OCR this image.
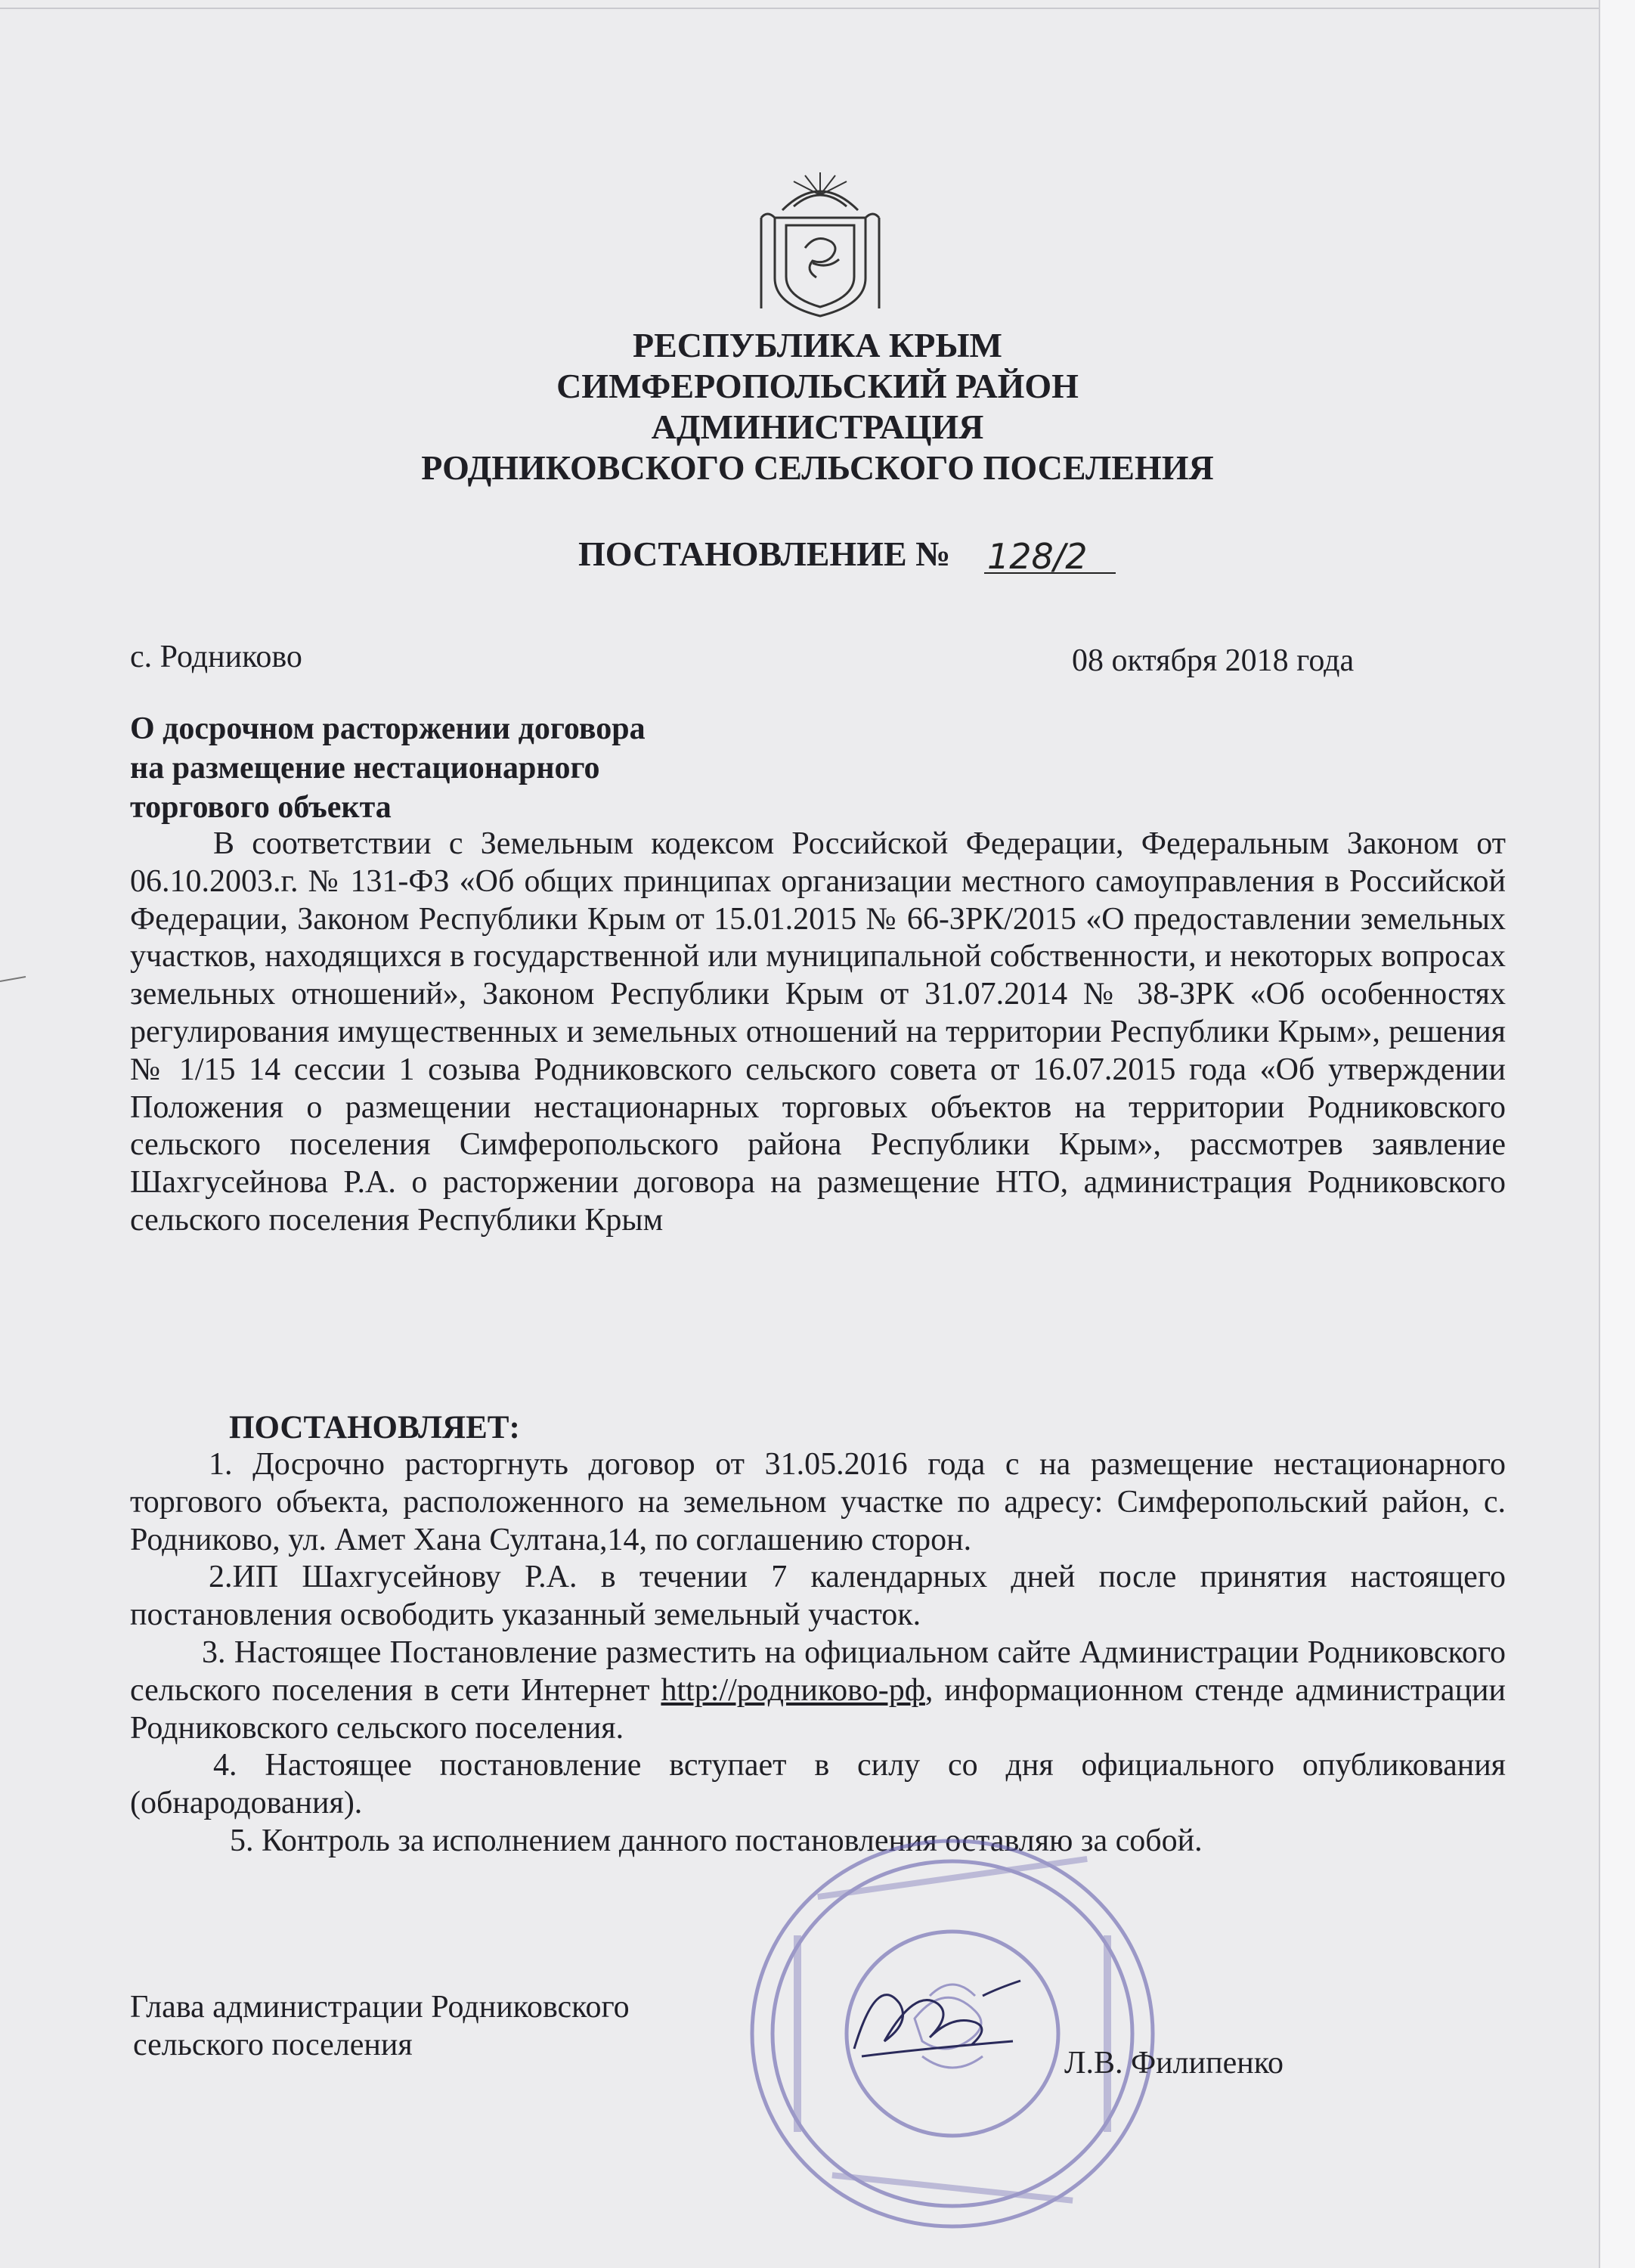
РЕСПУБЛИКА КРЫМ
СИМФЕРОПОЛЬСКИЙ РАЙОН
АДМИНИСТРАЦИЯ
РОДНИКОВСКОГО СЕЛЬСКОГО ПОСЕЛЕНИЯ
ПОСТАНОВЛЕНИЕ № 128/2
с. Родниково	08 октября 2018 года
О досрочном расторжении договора
на размещение нестационарного
торгового объекта

В соответствии с Земельным кодексом Российской Федерации, Федеральным Законом от 06.10.2003.г. № 131-ФЗ «Об общих принципах организации местного самоуправления в Российской Федерации, Законом Республики Крым от 15.01.2015 № 66-ЗРК/2015 «О предоставлении земельных участков, находящихся в государственной или муниципальной собственности, и некоторых вопросах земельных отношений», Законом Республики Крым от 31.07.2014 № 38-ЗРК «Об особенностях регулирования имущественных и земельных отношений на территории Республики Крым», решения № 1/15 14 сессии 1 созыва Родниковского сельского совета от 16.07.2015 года «Об утверждении Положения о размещении нестационарных торговых объектов на территории Родниковского сельского поселения Симферопольского района Республики Крым», рассмотрев заявление Шахгусейнова Р.А. о расторжении договора на размещение НТО, администрация Родниковского сельского поселения Республики Крым

ПОСТАНОВЛЯЕТ:

1. Досрочно расторгнуть договор от 31.05.2016 года с на размещение нестационарного торгового объекта, расположенного на земельном участке по адресу: Симферопольский район, с. Родниково, ул. Амет Хана Султана,14, по соглашению сторон.

2.ИП Шахгусейнову Р.А. в течении 7 календарных дней после принятия настоящего постановления освободить указанный земельный участок.

3. Настоящее Постановление разместить на официальном сайте Администрации Родниковского сельского поселения в сети Интернет http://родниково-рф, информационном стенде администрации Родниковского сельского поселения.

4. Настоящее постановление вступает в силу со дня официального опубликования (обнародования).

5. Контроль за исполнением данного постановления оставляю за собой.

Глава администрации Родниковского
сельского поселения
Л.В. Филипенко
